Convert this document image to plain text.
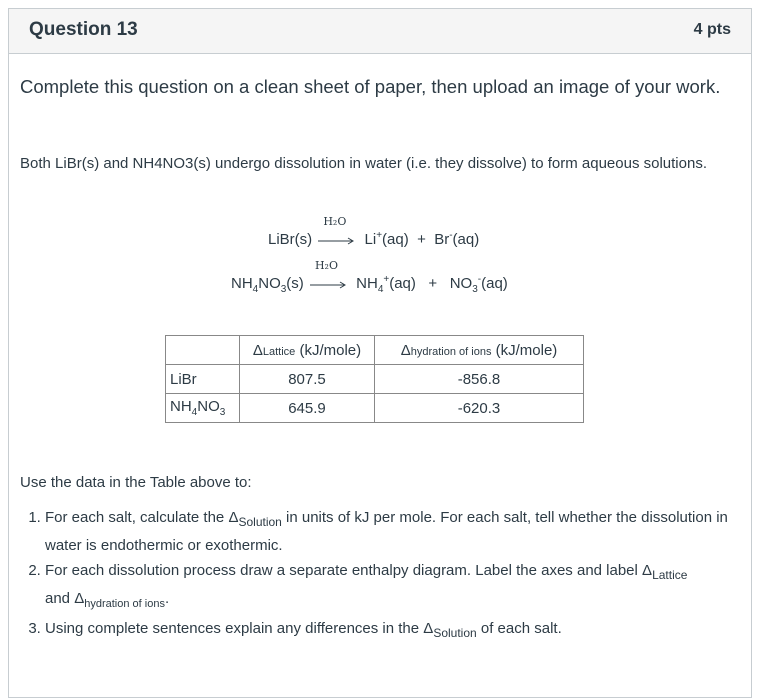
Question 13	4 pts
Complete this question on a clean sheet of paper, then upload an image of your work.
Both LiBr(s) and NH4NO3(s) undergo dissolution in water (i.e. they dissolve) to form aqueous solutions.
LiBr(s)
H₂O
Li+(aq) + Br-(aq)
$NH_4NO_3(s)$
H₂O
$NH_4^+(aq) + NO_3^-(aq)$
	ΔLattice (kJ/mole)	Δhydration of ions (kJ/mole)
LiBr	807.5	-856.8
$NH_4NO_3$	645.9	-620.3
Use the data in the Table above to:
1. For each salt, calculate the $\Delta_{Solution}$ in units of kJ per mole. For each salt, tell whether the dissolution in water is endothermic or exothermic.
2. For each dissolution process draw a separate enthalpy diagram. Label the axes and label $\Delta_{Lattice}$
and $\Delta_{hydration of ions}$.
3. Using complete sentences explain any differences in the $\Delta_{Solution}$ of each salt.
